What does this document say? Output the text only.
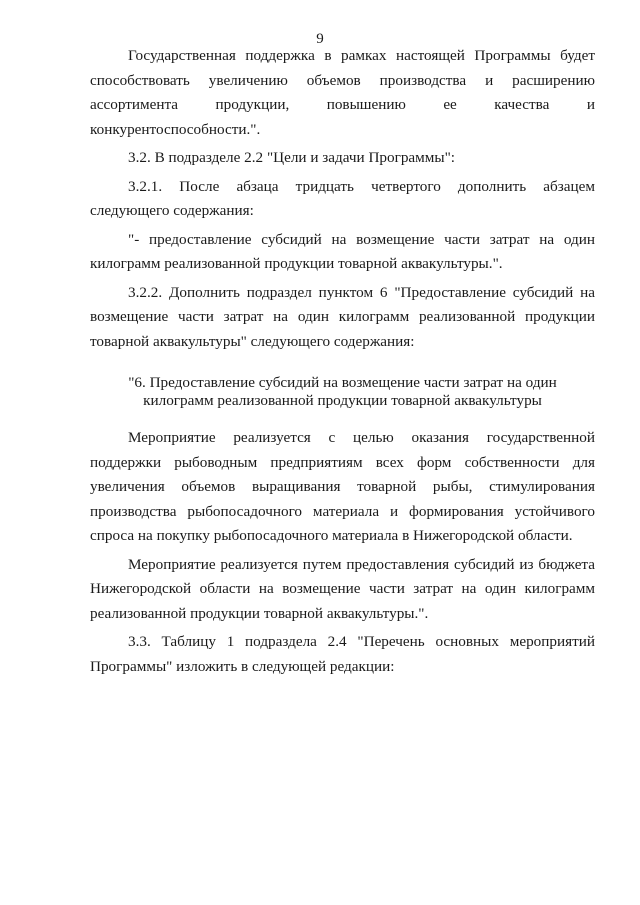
9

Государственная поддержка в рамках настоящей Программы будет способствовать увеличению объемов производства и расширению ассортимента продукции, повышению ее качества и конкурентоспособности.".

3.2. В подразделе 2.2 "Цели и задачи Программы":

3.2.1. После абзаца тридцать четвертого дополнить абзацем следующего содержания:

"- предоставление субсидий на возмещение части затрат на один килограмм реализованной продукции товарной аквакультуры.".

3.2.2. Дополнить подраздел пунктом 6 "Предоставление субсидий на возмещение части затрат на один килограмм реализованной продукции товарной аквакультуры" следующего содержания:

"6. Предоставление субсидий на возмещение части затрат на один килограмм реализованной продукции товарной аквакультуры

Мероприятие реализуется с целью оказания государственной поддержки рыбоводным предприятиям всех форм собственности для увеличения объемов выращивания товарной рыбы, стимулирования производства рыбопосадочного материала и формирования устойчивого спроса на покупку рыбопосадочного материала в Нижегородской области.

Мероприятие реализуется путем предоставления субсидий из бюджета Нижегородской области на возмещение части затрат на один килограмм реализованной продукции товарной аквакультуры.".

3.3. Таблицу 1 подраздела 2.4 "Перечень основных мероприятий Программы" изложить в следующей редакции:
